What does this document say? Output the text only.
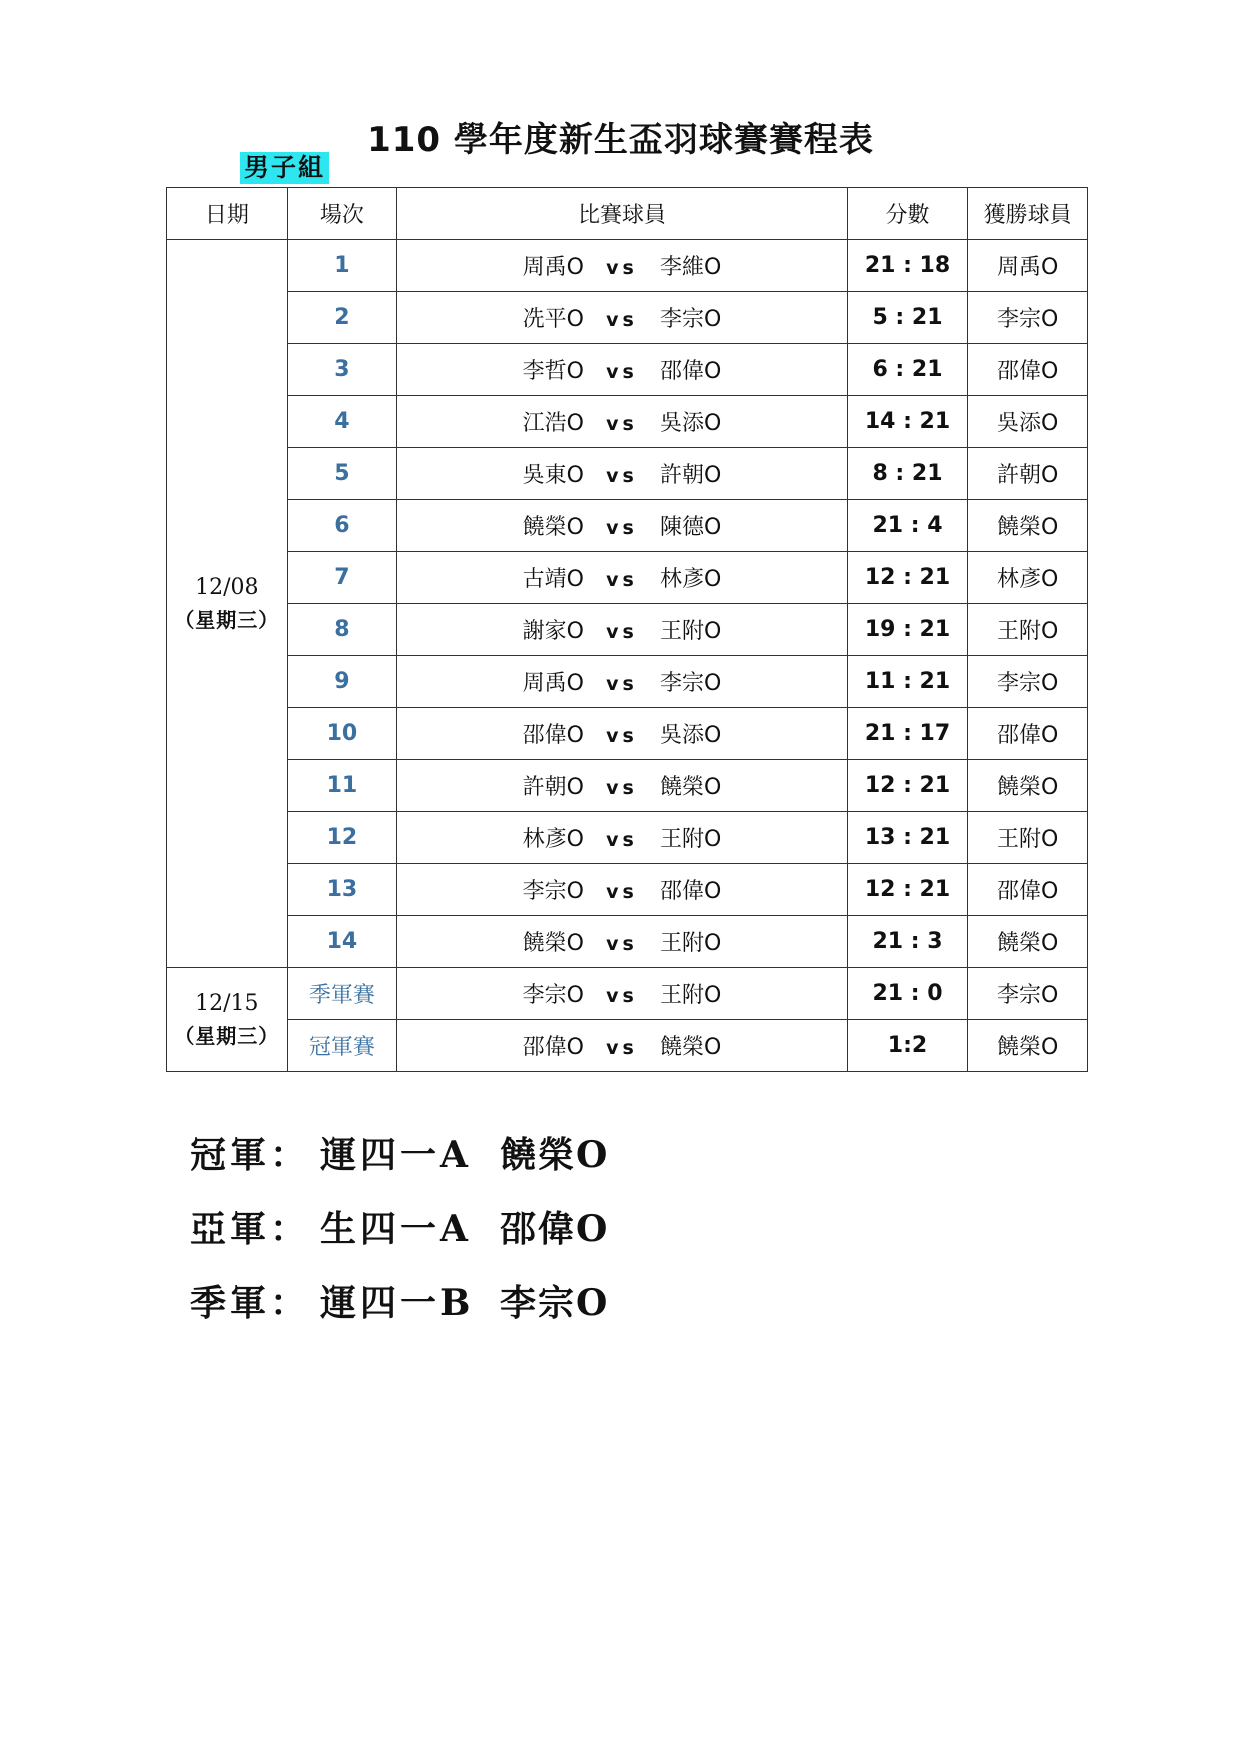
110 學年度新生盃羽球賽賽程表
男子組
日期	場次	比賽球員	分數	獲勝球員

12/08
（星期三）	1	周禹O vs 李維O	21 : 18	周禹O
	2	冼平O vs 李宗O	5 : 21	李宗O
	3	李哲O vs 邵偉O	6 : 21	邵偉O
	4	江浩O vs 吳添O	14 : 21	吳添O
	5	吳東O vs 許朝O	8 : 21	許朝O
	6	饒榮O vs 陳德O	21 : 4	饒榮O
	7	古靖O vs 林彥O	12 : 21	林彥O
	8	謝家O vs 王附O	19 : 21	王附O
	9	周禹O vs 李宗O	11 : 21	李宗O
	10	邵偉O vs 吳添O	21 : 17	邵偉O
	11	許朝O vs 饒榮O	12 : 21	饒榮O
	12	林彥O vs 王附O	13 : 21	王附O
	13	李宗O vs 邵偉O	12 : 21	邵偉O
	14	饒榮O vs 王附O	21 : 3	饒榮O

12/15
（星期三）	季軍賽	李宗O vs 王附O	21 : 0	李宗O
	冠軍賽	邵偉O vs 饒榮O	1:2	饒榮O
冠軍： 運四一A 饒榮O
亞軍： 生四一A 邵偉O
季軍： 運四一B 李宗O
